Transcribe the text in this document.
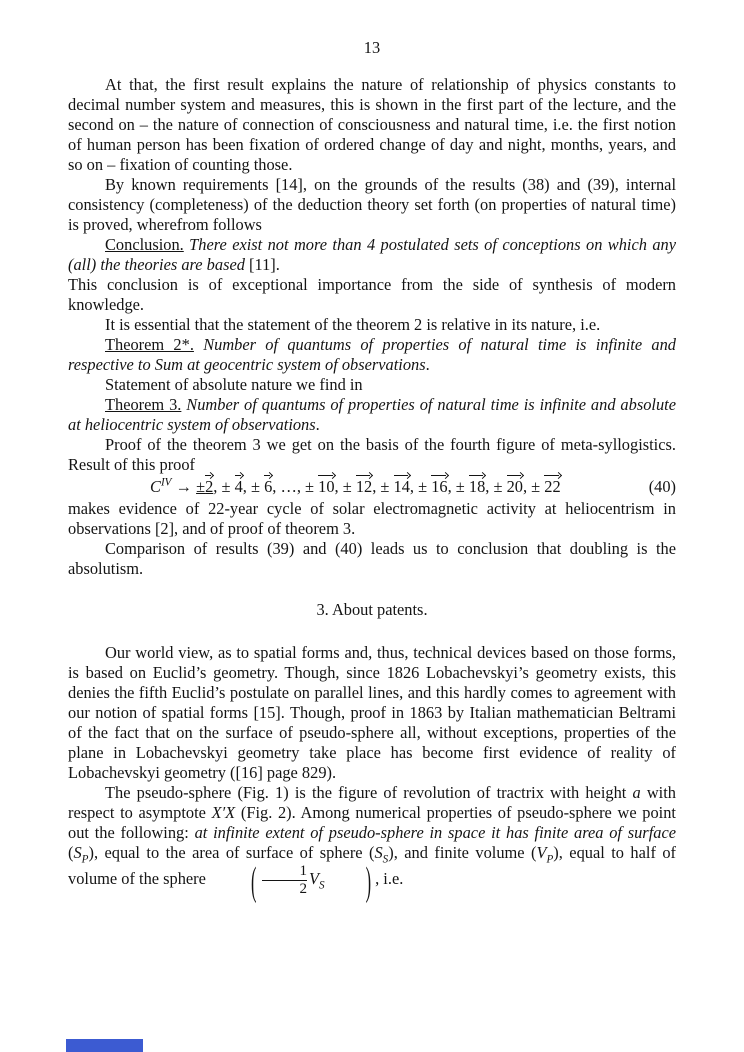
13

At that, the first result explains the nature of relationship of physics constants to decimal number system and measures, this is shown in the first part of the lecture, and the second on – the nature of connection of consciousness and natural time, i.e. the first notion of human person has been fixation of ordered change of day and night, months, years, and so on – fixation of counting those.

By known requirements [14], on the grounds of the results (38) and (39), internal consistency (completeness) of the deduction theory set forth (on properties of natural time) is proved, wherefrom follows

Conclusion. There exist not more than 4 postulated sets of conceptions on which any (all) the theories are based [11].

This conclusion is of exceptional importance from the side of synthesis of modern knowledge.

It is essential that the statement of the theorem 2 is relative in its nature, i.e.

Theorem 2*. Number of quantums of properties of natural time is infinite and respective to Sum at geocentric system of observations.

Statement of absolute nature we find in

Theorem 3. Number of quantums of properties of natural time is infinite and absolute at heliocentric system of observations.

Proof of the theorem 3 we get on the basis of the fourth figure of meta-syllogistics. Result of this proof

$C^{IV} \to \pm 2$, ± 4, ± 6, …, ± 10, ± 12, ± 14, ± 16, ± 18, ± 20, ± 22	(40)

makes evidence of 22-year cycle of solar electromagnetic activity at heliocentrism in observations [2], and of proof of theorem 3.

Comparison of results (39) and (40) leads us to conclusion that doubling is the absolutism.

3. About patents.

Our world view, as to spatial forms and, thus, technical devices based on those forms, is based on Euclid’s geometry. Though, since 1826 Lobachevskyi’s geometry exists, this denies the fifth Euclid’s postulate on parallel lines, and this hardly comes to agreement with our notion of spatial forms [15]. Though, proof in 1863 by Italian mathematician Beltrami of the fact that on the surface of pseudo-sphere all, without exceptions, properties of the plane in Lobachevskyi geometry take place has become first evidence of reality of Lobachevskyi geometry ([16] page 829).

The pseudo-sphere (Fig. 1) is the figure of revolution of tractrix with height a with respect to asymptote X′X (Fig. 2). Among numerical properties of pseudo-sphere we point out the following: at infinite extent of pseudo-sphere in space it has finite area of surface $(S_P)$, equal to the area of surface of sphere $(S_S)$, and finite volume $(V_P)$, equal to half of volume of the sphere	( $\frac{1}{2} V_S$	) , i.e.
